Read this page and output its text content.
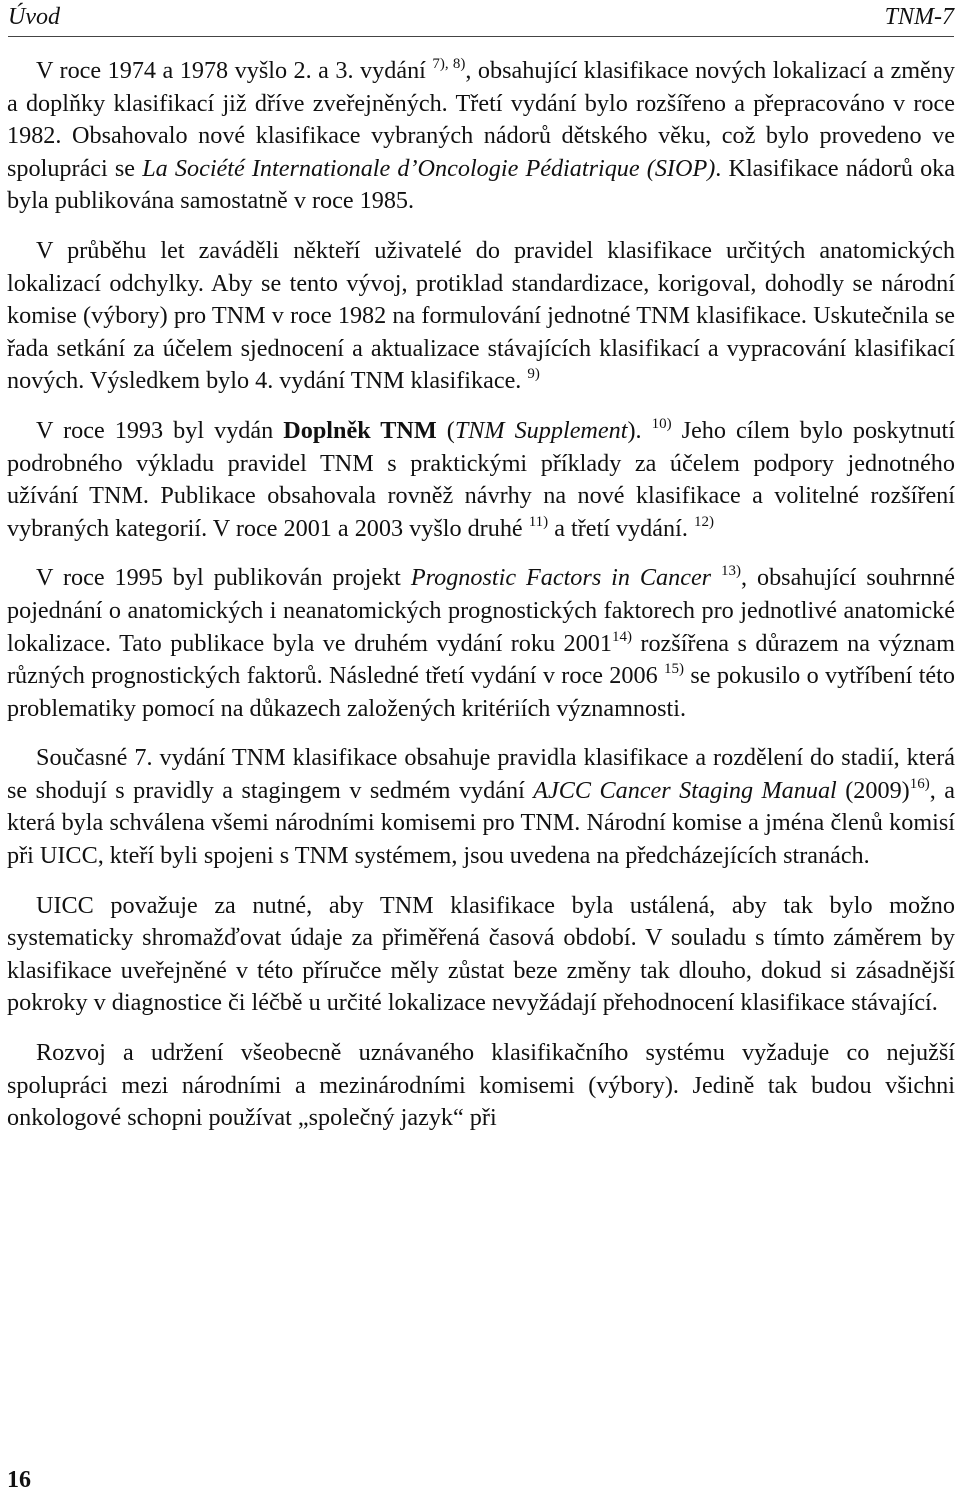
Úvod	TNM-7

V roce 1974 a 1978 vyšlo 2. a 3. vydání $^{7), 8)}$, obsahující klasifikace nových lokalizací a změny a doplňky klasifikací již dříve zveřejněných. Třetí vydání bylo rozšířeno a přepracováno v roce 1982. Obsahovalo nové klasifikace vybraných nádorů dětského věku, což bylo provedeno ve spolupráci se La Société Internationale d’Oncologie Pédiatrique (SIOP). Klasifikace nádorů oka byla publikována samostatně v roce 1985.

V průběhu let zaváděli někteří uživatelé do pravidel klasifikace určitých anatomických lokalizací odchylky. Aby se tento vývoj, protiklad standardizace, korigoval, dohodly se národní komise (výbory) pro TNM v roce 1982 na formulování jednotné TNM klasifikace. Uskutečnila se řada setkání za účelem sjednocení a aktualizace stávajících klasifikací a vypracování klasifikací nových. Výsledkem bylo 4. vydání TNM klasifikace. $^{9)}$

V roce 1993 byl vydán Doplněk TNM (TNM Supplement). $^{10)}$ Jeho cílem bylo poskytnutí podrobného výkladu pravidel TNM s praktickými příklady za účelem podpory jednotného užívání TNM. Publikace obsahovala rovněž návrhy na nové klasifikace a volitelné rozšíření vybraných kategorií. V roce 2001 a 2003 vyšlo druhé $^{11)}$ a třetí vydání. $^{12)}$

V roce 1995 byl publikován projekt Prognostic Factors in Cancer $^{13)}$, obsahující souhrnné pojednání o anatomických i neanatomických prognostických faktorech pro jednotlivé anatomické lokalizace. Tato publikace byla ve druhém vydání roku 2001$^{14)}$ rozšířena s důrazem na význam různých prognostických faktorů. Následné třetí vydání v roce 2006 $^{15)}$ se pokusilo o vytříbení této problematiky pomocí na důkazech založených kritériích významnosti.

Současné 7. vydání TNM klasifikace obsahuje pravidla klasifikace a rozdělení do stadií, která se shodují s pravidly a stagingem v sedmém vydání AJCC Cancer Staging Manual $(2009)^{16)}$, a která byla schválena všemi národními komisemi pro TNM. Národní komise a jména členů komisí při UICC, kteří byli spojeni s TNM systémem, jsou uvedena na předcházejících stranách.

UICC považuje za nutné, aby TNM klasifikace byla ustálená, aby tak bylo možno systematicky shromažďovat údaje za přiměřená časová období. V souladu s tímto záměrem by klasifikace uveřejněné v této příručce měly zůstat beze změny tak dlouho, dokud si zásadnější pokroky v diagnostice či léčbě u určité lokalizace nevyžádají přehodnocení klasifikace stávající.

Rozvoj a udržení všeobecně uznávaného klasifikačního systému vyžaduje co nejužší spolupráci mezi národními a mezinárodními komisemi (výbory). Jedině tak budou všichni onkologové schopni používat „společný jazyk“ při

16
